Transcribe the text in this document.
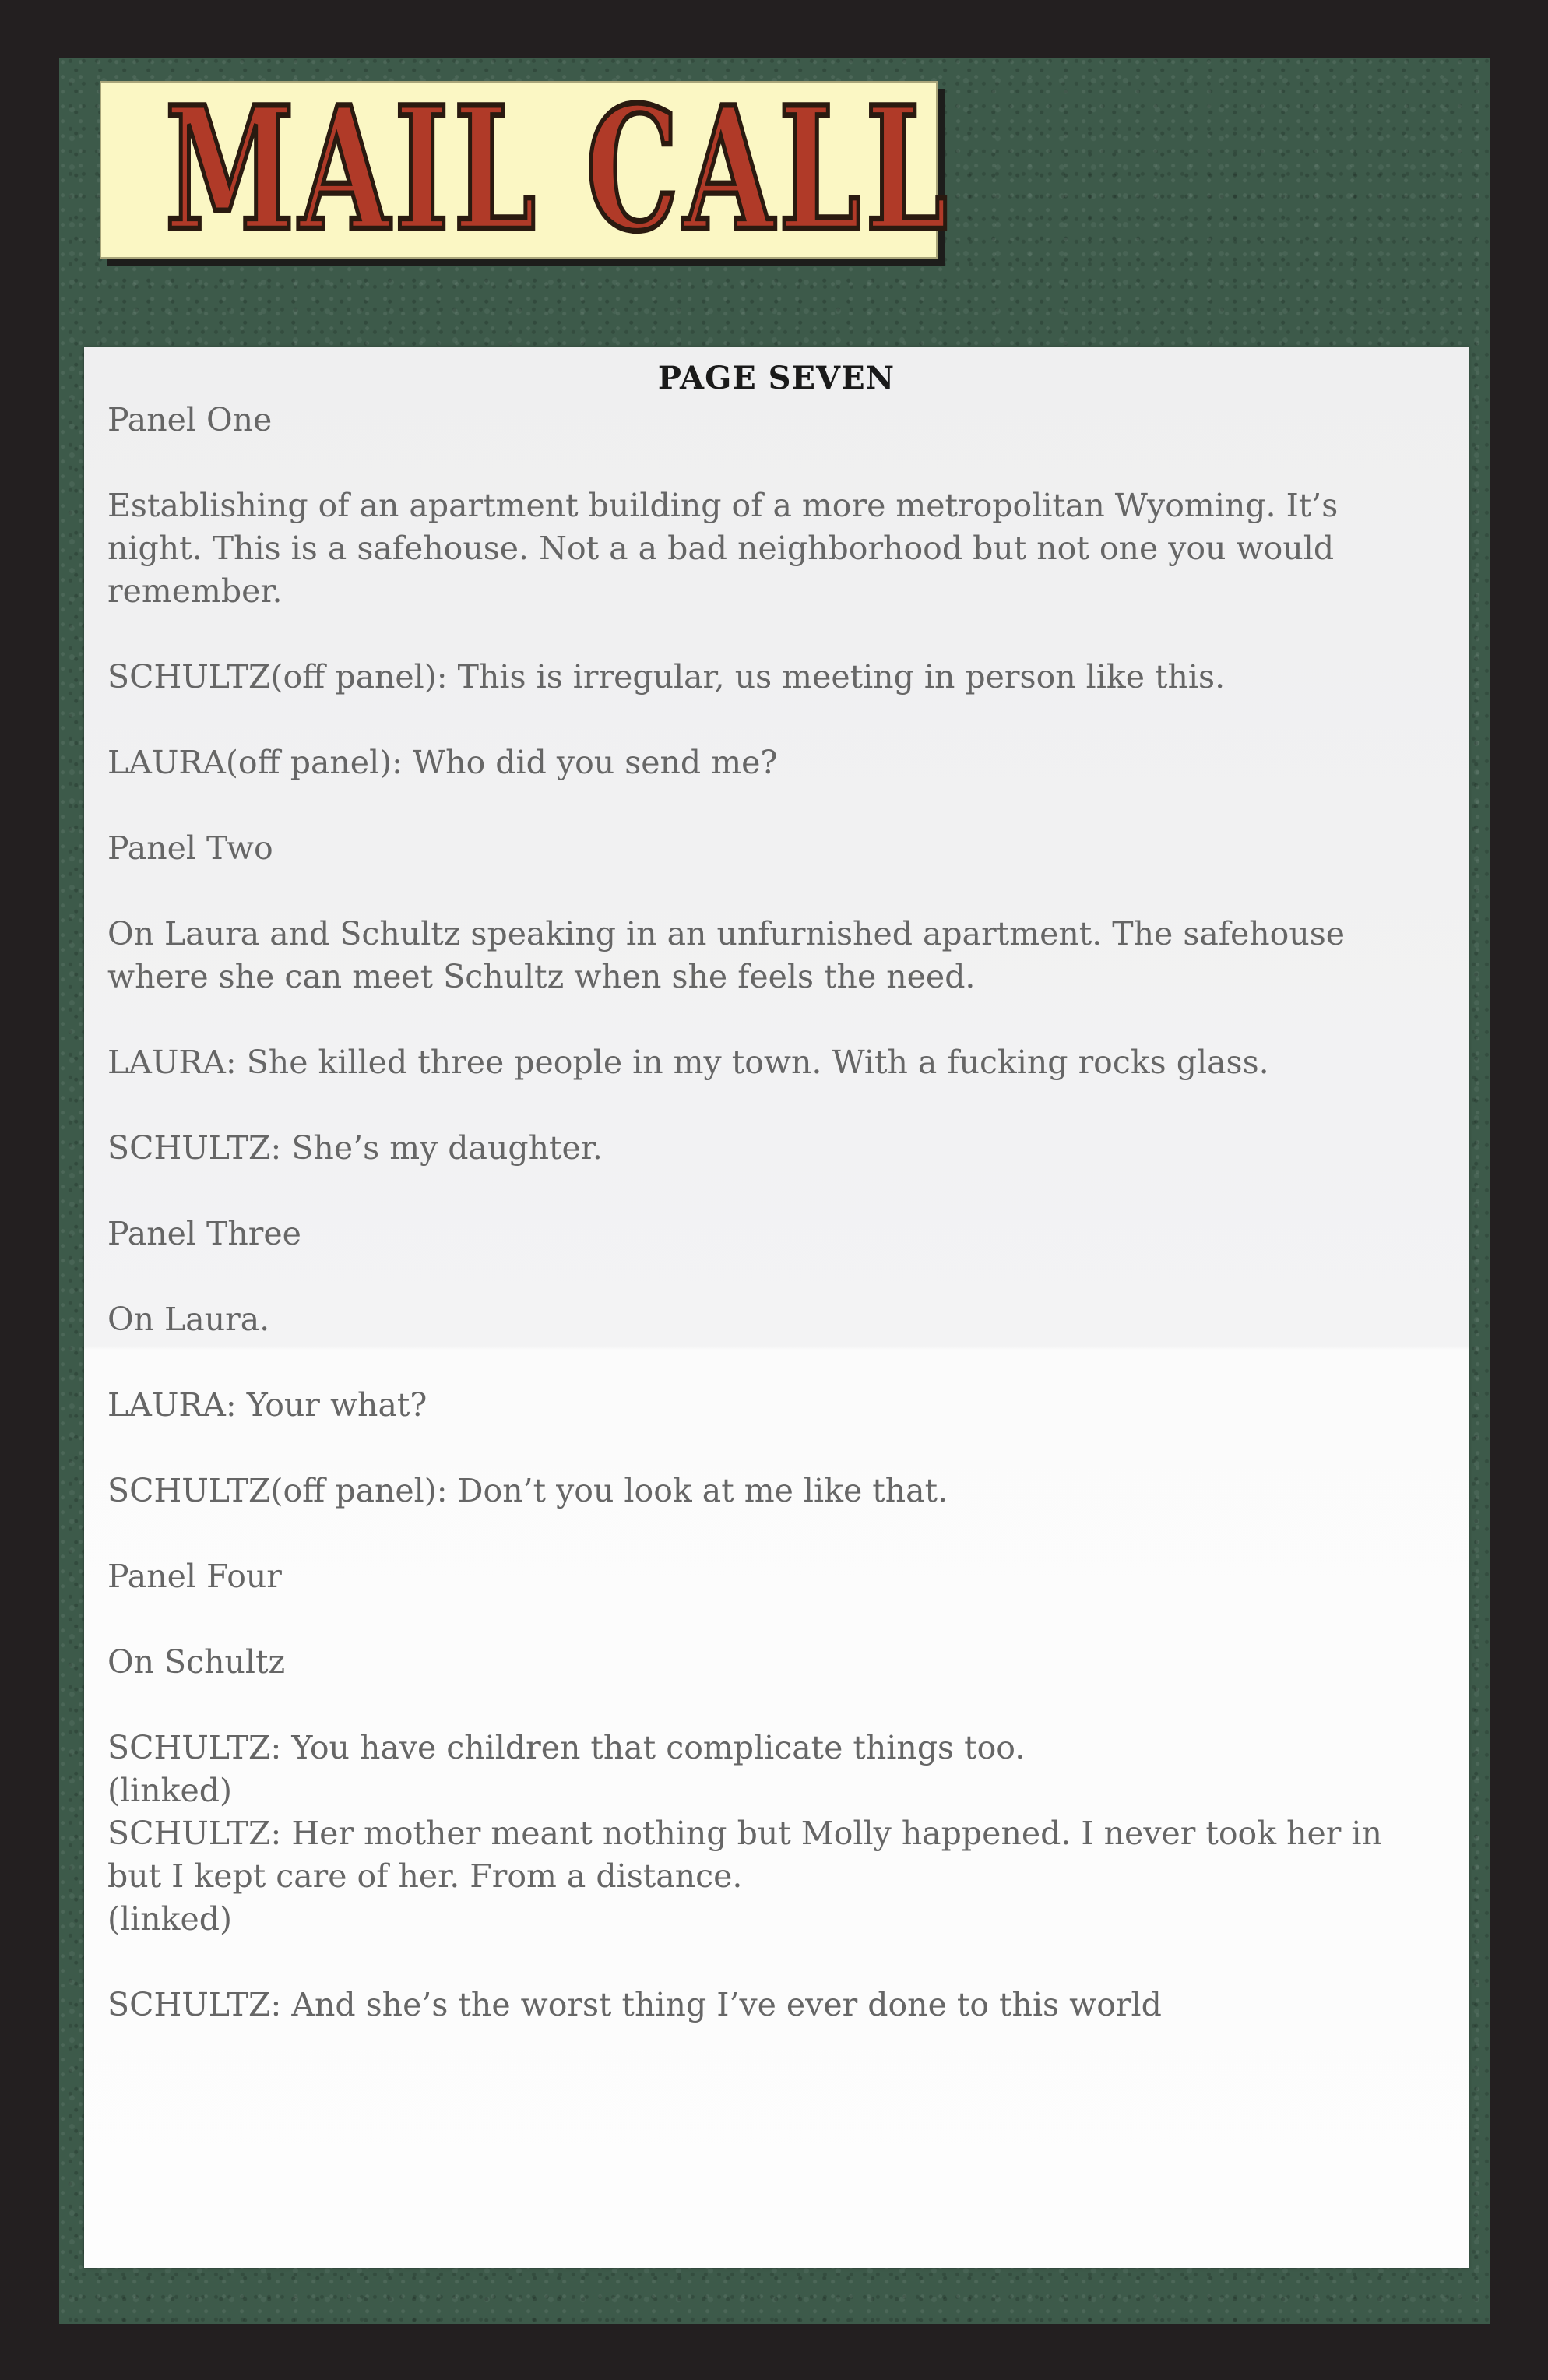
MAIL CALL
PAGE SEVEN
Panel One
Establishing of an apartment building of a more metropolitan Wyoming. It’s
night. This is a safehouse. Not a a bad neighborhood but not one you would
remember.
SCHULTZ(off panel): This is irregular, us meeting in person like this.
LAURA(off panel): Who did you send me?
Panel Two
On Laura and Schultz speaking in an unfurnished apartment. The safehouse
where she can meet Schultz when she feels the need.
LAURA: She killed three people in my town. With a fucking rocks glass.
SCHULTZ: She’s my daughter.
Panel Three
On Laura.
LAURA: Your what?
SCHULTZ(off panel): Don’t you look at me like that.
Panel Four
On Schultz
SCHULTZ: You have children that complicate things too.
(linked)
SCHULTZ: Her mother meant nothing but Molly happened. I never took her in
but I kept care of her. From a distance.
(linked)
SCHULTZ: And she’s the worst thing I’ve ever done to this world
